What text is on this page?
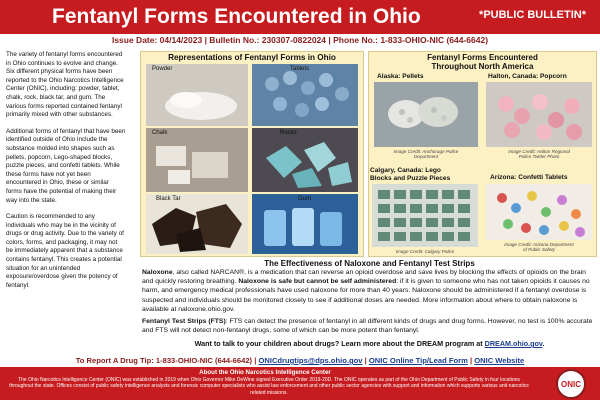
Fentanyl Forms Encountered in Ohio	*PUBLIC BULLETIN*
Issue Date: 04/14/2023 | Bulletin No.: 230307-0822024 | Phone No.: 1-833-OHIO-NIC (644-6642)

The variety of fentanyl forms encountered in Ohio continues to evolve and change. Six different physical forms have been reported to the Ohio Narcotics Intelligence Center (ONIC), including: powder, tablet, chalk, rock, black tar, and gum. The various forms reported contained fentanyl primarily mixed with other substances.

Additional forms of fentanyl that have been identified outside of Ohio include the substance molded into shapes such as pellets, popcorn, Lego-shaped blocks, puzzle pieces, and confetti tablets. While these forms have not yet been encountered in Ohio, these or similar forms have the potential of making their way into the state.

Caution is recommended to any individuals who may be in the vicinity of drugs or drug activity. Due to the variety of colors, forms, and packaging, it may not be immediately apparent that a substance contains fentanyl. This creates a potential situation for an unintended exposure/overdose given the potency of fentanyl.

Representations of Fentanyl Forms in Ohio
Powder	Tablets
Chalk	Rocks
Black Tar	Gum
Fentanyl Forms Encountered
Throughout North America
Alaska: Pellets
Image Credit: Anchorage Police
Department
Halton, Canada: Popcorn
Image Credit: Halton Regional
Police Twitter Photo
Calgary, Canada: Lego
Blocks and Puzzle Pieces
Image Credit: Calgary Police
Arizona: Confetti Tablets
Image Credit: Arizona Department
of Public Safety
The Effectiveness of Naloxone and Fentanyl Test Strips
Naloxone, also called NARCAN®, is a medication that can reverse an opioid overdose and save lives by blocking the effects of opioids on the brain and quickly restoring breathing. Naloxone is safe but cannot be self administered: if it is given to someone who has not taken opioids it causes no harm, and emergency medical professionals have used naloxone for more than 40 years. Naloxone should be administered if a fentanyl overdose is suspected and individuals should be monitored closely to see if additional doses are needed. More information about where to obtain naloxone is available at naloxone.ohio.gov.
Fentanyl Test Strips (FTS): FTS can detect the presence of fentanyl in all different kinds of drugs and drug forms. However, no test is 100% accurate and FTS will not detect non-fentanyl drugs, some of which can be more potent than fentanyl.
Want to talk to your children about drugs? Learn more about the DREAM program at DREAM.ohio.gov.
To Report A Drug Tip: 1-833-OHIO-NIC (644-6642) | ONICdrugtips@dps.ohio.gov | ONIC Online Tip/Lead Form | ONIC Website
About the Ohio Narcotics Intelligence Center
The Ohio Narcotics Intelligence Center (ONIC) was established in 2019 when Ohio Governor Mike DeWine signed Executive Order 2019-20D. The ONIC operates as part of the Ohio Department of Public Safety in four locations throughout the state. Offices consist of public safety intelligence analysts and forensic computer specialists who assist law enforcement and other public sector agencies with support and information which supports various anti-narcotics related missions.
ONIC
